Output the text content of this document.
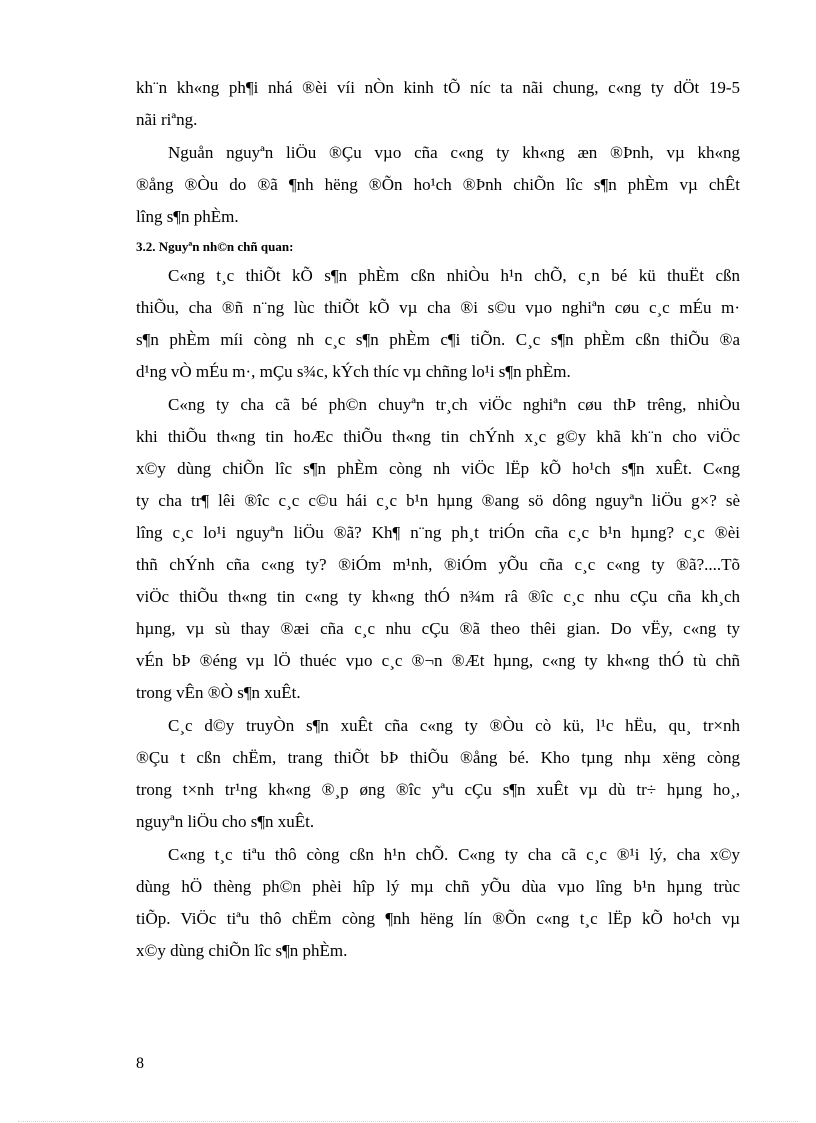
kh¨n kh«ng ph¶i nhá ®èi víi nÒn kinh tÕ níc ta nãi chung, c«ng ty dÖt 19-5
nãi riªng.

Nguån nguyªn liÖu ®Çu vµo cña c«ng ty kh«ng æn ®Þnh, vµ kh«ng
®ång ®Òu do ®ã ¶nh hëng ®Õn ho¹ch ®Þnh chiÕn lîc s¶n phÈm vµ chÊt
lîng s¶n phÈm.

3.2. Nguyªn nh©n chñ quan:

C«ng t¸c thiÕt kÕ s¶n phÈm cßn nhiÒu h¹n chÕ, c¸n bé kü thuËt cßn
thiÕu, cha ®ñ n¨ng lùc thiÕt kÕ vµ cha ®i s©u vµo nghiªn cøu c¸c mÉu m·
s¶n phÈm míi còng nh c¸c s¶n phÈm c¶i tiÕn. C¸c s¶n phÈm cßn thiÕu ®a
d¹ng vÒ mÉu m·, mÇu s¾c, kÝch thíc vµ chñng lo¹i s¶n phÈm.

C«ng ty cha cã bé ph©n chuyªn tr¸ch viÖc nghiªn cøu thÞ trêng, nhiÒu
khi thiÕu th«ng tin hoÆc thiÕu th«ng tin chÝnh x¸c g©y khã kh¨n cho viÖc
x©y dùng chiÕn lîc s¶n phÈm còng nh viÖc lËp kÕ ho¹ch s¶n xuÊt. C«ng
ty cha tr¶ lêi ®îc c¸c c©u hái c¸c b¹n hµng ®ang sö dông nguyªn liÖu g×? sè
lîng c¸c lo¹i nguyªn liÖu ®ã? Kh¶ n¨ng ph¸t triÓn cña c¸c b¹n hµng? c¸c ®èi
thñ chÝnh cña c«ng ty? ®iÓm m¹nh, ®iÓm yÕu cña c¸c c«ng ty ®ã?....Tõ
viÖc thiÕu th«ng tin c«ng ty kh«ng thÓ n¾m râ ®îc c¸c nhu cÇu cña kh¸ch
hµng, vµ sù thay ®æi cña c¸c nhu cÇu ®ã theo thêi gian. Do vËy, c«ng ty
vÉn bÞ ®éng vµ lÖ thuéc vµo c¸c ®¬n ®Æt hµng, c«ng ty kh«ng thÓ tù chñ
trong vÊn ®Ò s¶n xuÊt.

C¸c d©y truyÒn s¶n xuÊt cña c«ng ty ®Òu cò kü, l¹c hËu, qu¸ tr×nh
®Çu t cßn chËm, trang thiÕt bÞ thiÕu ®ång bé. Kho tµng nhµ xëng còng
trong t×nh tr¹ng kh«ng ®¸p øng ®îc yªu cÇu s¶n xuÊt vµ dù tr÷ hµng ho¸,
nguyªn liÖu cho s¶n xuÊt.

C«ng t¸c tiªu thô còng cßn h¹n chÕ. C«ng ty cha cã c¸c ®¹i lý, cha x©y
dùng hÖ thèng ph©n phèi hîp lý mµ chñ yÕu dùa vµo lîng b¹n hµng trùc
tiÕp. ViÖc tiªu thô chËm còng ¶nh hëng lín ®Õn c«ng t¸c lËp kÕ ho¹ch vµ
x©y dùng chiÕn lîc s¶n phÈm.

8
